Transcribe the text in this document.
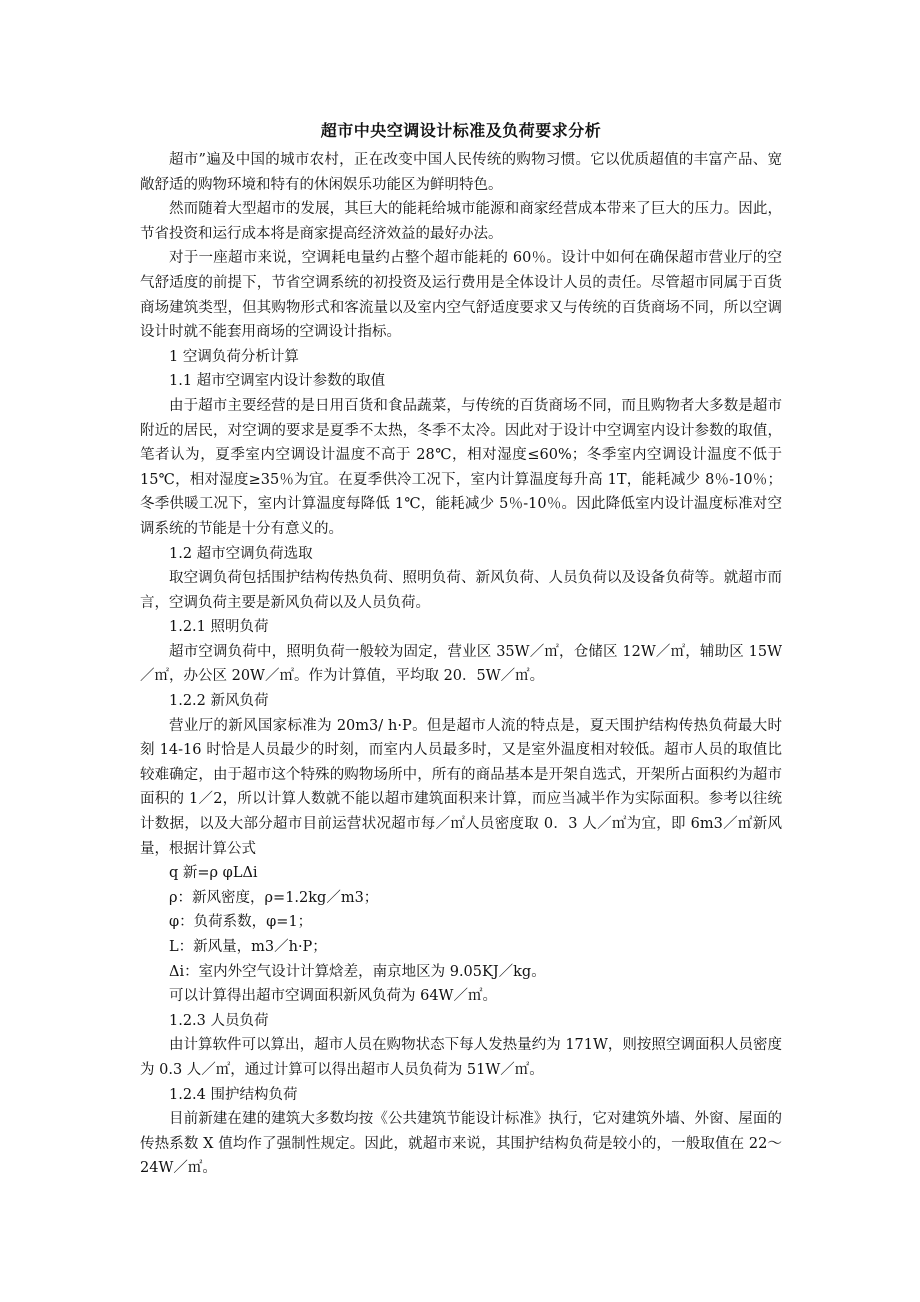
超市中央空调设计标准及负荷要求分析

超市”遍及中国的城市农村，正在改变中国人民传统的购物习惯。它以优质超值的丰富产品、宽敞舒适的购物环境和特有的休闲娱乐功能区为鲜明特色。

然而随着大型超市的发展，其巨大的能耗给城市能源和商家经营成本带来了巨大的压力。因此，节省投资和运行成本将是商家提高经济效益的最好办法。

对于一座超市来说，空调耗电量约占整个超市能耗的 60％。设计中如何在确保超市营业厅的空气舒适度的前提下，节省空调系统的初投资及运行费用是全体设计人员的责任。尽管超市同属于百货商场建筑类型，但其购物形式和客流量以及室内空气舒适度要求又与传统的百货商场不同，所以空调设计时就不能套用商场的空调设计指标。

1 空调负荷分析计算

1.1 超市空调室内设计参数的取值

由于超市主要经营的是日用百货和食品蔬菜，与传统的百货商场不同，而且购物者大多数是超市附近的居民，对空调的要求是夏季不太热，冬季不太冷。因此对于设计中空调室内设计参数的取值，笔者认为，夏季室内空调设计温度不高于 28℃，相对湿度≤60%；冬季室内空调设计温度不低于 15℃，相对湿度≥35％为宜。在夏季供冷工况下，室内计算温度每升高 1T，能耗减少 8％-10％；冬季供暖工况下，室内计算温度每降低 1℃，能耗减少 5％-10％。因此降低室内设计温度标准对空调系统的节能是十分有意义的。

1.2 超市空调负荷选取

取空调负荷包括围护结构传热负荷、照明负荷、新风负荷、人员负荷以及设备负荷等。就超市而言，空调负荷主要是新风负荷以及人员负荷。

1.2.1 照明负荷

超市空调负荷中，照明负荷一般较为固定，营业区 35W／㎡，仓储区 12W／㎡，辅助区 15W／㎡，办公区 20W／㎡。作为计算值，平均取 20．5W／㎡。

1.2.2 新风负荷

营业厅的新风国家标准为 20m3/ h·P。但是超市人流的特点是，夏天围护结构传热负荷最大时刻 14-16 时恰是人员最少的时刻，而室内人员最多时，又是室外温度相对较低。超市人员的取值比较难确定，由于超市这个特殊的购物场所中，所有的商品基本是开架自选式，开架所占面积约为超市面积的 1／2，所以计算人数就不能以超市建筑面积来计算，而应当减半作为实际面积。参考以往统计数据，以及大部分超市目前运营状况超市每／㎡人员密度取 0．3 人／㎡为宜，即 6m3／㎡新风量，根据计算公式

q 新=ρ φLΔi

ρ：新风密度，ρ=1.2kg／m3；

φ：负荷系数，φ=1；

L：新风量，m3／h·P；

Δi：室内外空气设计计算焓差，南京地区为 9.05KJ／kg。

可以计算得出超市空调面积新风负荷为 64W／㎡。

1.2.3 人员负荷

由计算软件可以算出，超市人员在购物状态下每人发热量约为 171W，则按照空调面积人员密度为 0.3 人／㎡，通过计算可以得出超市人员负荷为 51W／㎡。

1.2.4 围护结构负荷

目前新建在建的建筑大多数均按《公共建筑节能设计标准》执行，它对建筑外墙、外窗、屋面的传热系数 X 值均作了强制性规定。因此，就超市来说，其围护结构负荷是较小的，一般取值在 22～24W／㎡。
